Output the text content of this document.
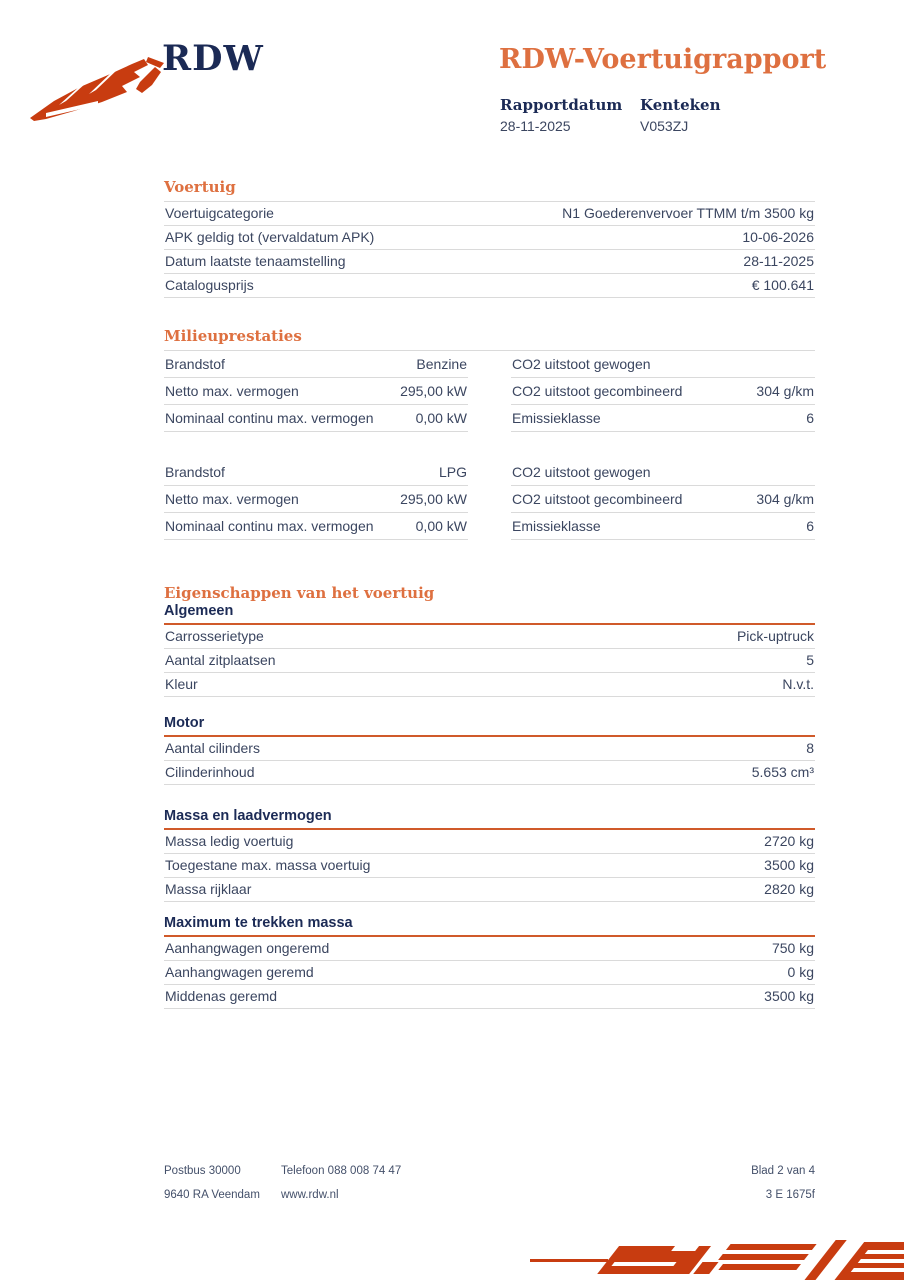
RDW	RDW-Voertuigrapport
Rapportdatum
28-11-2025
Kenteken
V053ZJ
Voertuig
Voertuigcategorie	N1 Goederenvervoer TTMM t/m 3500 kg
APK geldig tot (vervaldatum APK)	10-06-2026
Datum laatste tenaamstelling	28-11-2025
Catalogusprijs	€ 100.641
Milieuprestaties
Brandstof	Benzine
Netto max. vermogen	295,00 kW
Nominaal continu max. vermogen	0,00 kW
CO2 uitstoot gewogen
CO2 uitstoot gecombineerd	304 g/km
Emissieklasse	6
Brandstof	LPG
Netto max. vermogen	295,00 kW
Nominaal continu max. vermogen	0,00 kW
CO2 uitstoot gewogen
CO2 uitstoot gecombineerd	304 g/km
Emissieklasse	6
Eigenschappen van het voertuig
Algemeen
Carrosserietype	Pick-uptruck
Aantal zitplaatsen	5
Kleur	N.v.t.
Motor
Aantal cilinders	8
Cilinderinhoud	5.653 cm³
Massa en laadvermogen
Massa ledig voertuig	2720 kg
Toegestane max. massa voertuig	3500 kg
Massa rijklaar	2820 kg
Maximum te trekken massa
Aanhangwagen ongeremd	750 kg
Aanhangwagen geremd	0 kg
Middenas geremd	3500 kg
Postbus 30000
9640 RA Veendam
Telefoon 088 008 74 47
www.rdw.nl
Blad 2 van 4
3 E 1675f
